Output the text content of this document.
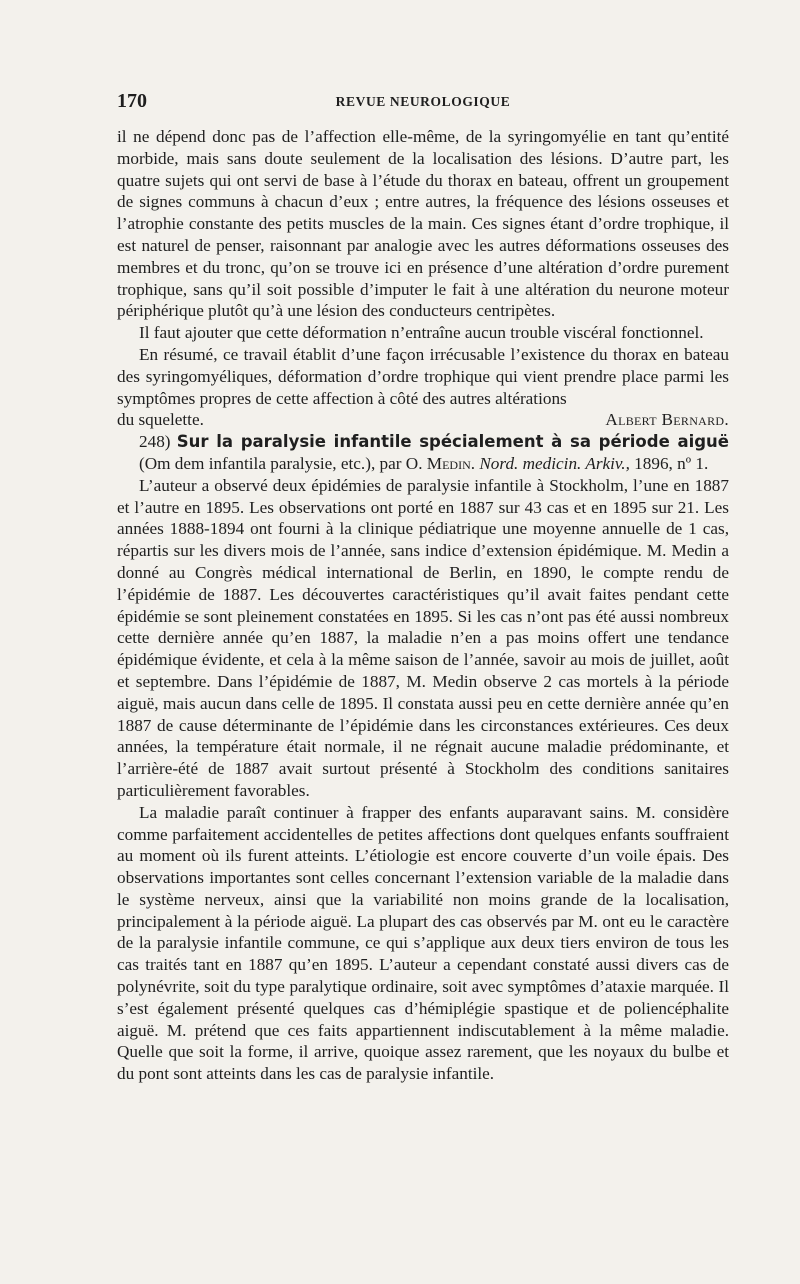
170	REVUE NEUROLOGIQUE

il ne dépend donc pas de l’affection elle-même, de la syringomyélie en tant qu’entité morbide, mais sans doute seulement de la localisation des lésions. D’autre part, les quatre sujets qui ont servi de base à l’étude du thorax en bateau, offrent un groupement de signes communs à chacun d’eux ; entre autres, la fréquence des lésions osseuses et l’atrophie constante des petits muscles de la main. Ces signes étant d’ordre trophique, il est naturel de penser, raisonnant par analogie avec les autres déformations osseuses des membres et du tronc, qu’on se trouve ici en présence d’une altération d’ordre purement trophique, sans qu’il soit possible d’imputer le fait à une altération du neurone moteur périphérique plutôt qu’à une lésion des conducteurs centripètes.

Il faut ajouter que cette déformation n’entraîne aucun trouble viscéral fonctionnel.

En résumé, ce travail établit d’une façon irrécusable l’existence du thorax en bateau des syringomyéliques, déformation d’ordre trophique qui vient prendre place parmi les symptômes propres de cette affection à côté des autres altérations

du squelette.	Albert Bernard.

248) Sur la paralysie infantile spécialement à sa période aiguë (Om dem infantila paralysie, etc.), par O. Medin. Nord. medicin. Arkiv., 1896, nº 1.

L’auteur a observé deux épidémies de paralysie infantile à Stockholm, l’une en 1887 et l’autre en 1895. Les observations ont porté en 1887 sur 43 cas et en 1895 sur 21. Les années 1888-1894 ont fourni à la clinique pédiatrique une moyenne annuelle de 1 cas, répartis sur les divers mois de l’année, sans indice d’extension épidémique. M. Medin a donné au Congrès médical international de Berlin, en 1890, le compte rendu de l’épidémie de 1887. Les découvertes caractéristiques qu’il avait faites pendant cette épidémie se sont pleinement constatées en 1895. Si les cas n’ont pas été aussi nombreux cette dernière année qu’en 1887, la maladie n’en a pas moins offert une tendance épidémique évidente, et cela à la même saison de l’année, savoir au mois de juillet, août et septembre. Dans l’épidémie de 1887, M. Medin observe 2 cas mortels à la période aiguë, mais aucun dans celle de 1895. Il constata aussi peu en cette dernière année qu’en 1887 de cause déterminante de l’épidémie dans les circonstances extérieures. Ces deux années, la température était normale, il ne régnait aucune maladie prédominante, et l’arrière-été de 1887 avait surtout présenté à Stockholm des conditions sanitaires particulièrement favorables.

La maladie paraît continuer à frapper des enfants auparavant sains. M. considère comme parfaitement accidentelles de petites affections dont quelques enfants souffraient au moment où ils furent atteints. L’étiologie est encore couverte d’un voile épais. Des observations importantes sont celles concernant l’extension variable de la maladie dans le système nerveux, ainsi que la variabilité non moins grande de la localisation, principalement à la période aiguë. La plupart des cas observés par M. ont eu le caractère de la paralysie infantile commune, ce qui s’applique aux deux tiers environ de tous les cas traités tant en 1887 qu’en 1895. L’auteur a cependant constaté aussi divers cas de polynévrite, soit du type paralytique ordinaire, soit avec symptômes d’ataxie marquée. Il s’est également présenté quelques cas d’hémiplégie spastique et de poliencéphalite aiguë. M. prétend que ces faits appartiennent indiscutablement à la même maladie. Quelle que soit la forme, il arrive, quoique assez rarement, que les noyaux du bulbe et du pont sont atteints dans les cas de paralysie infantile.
